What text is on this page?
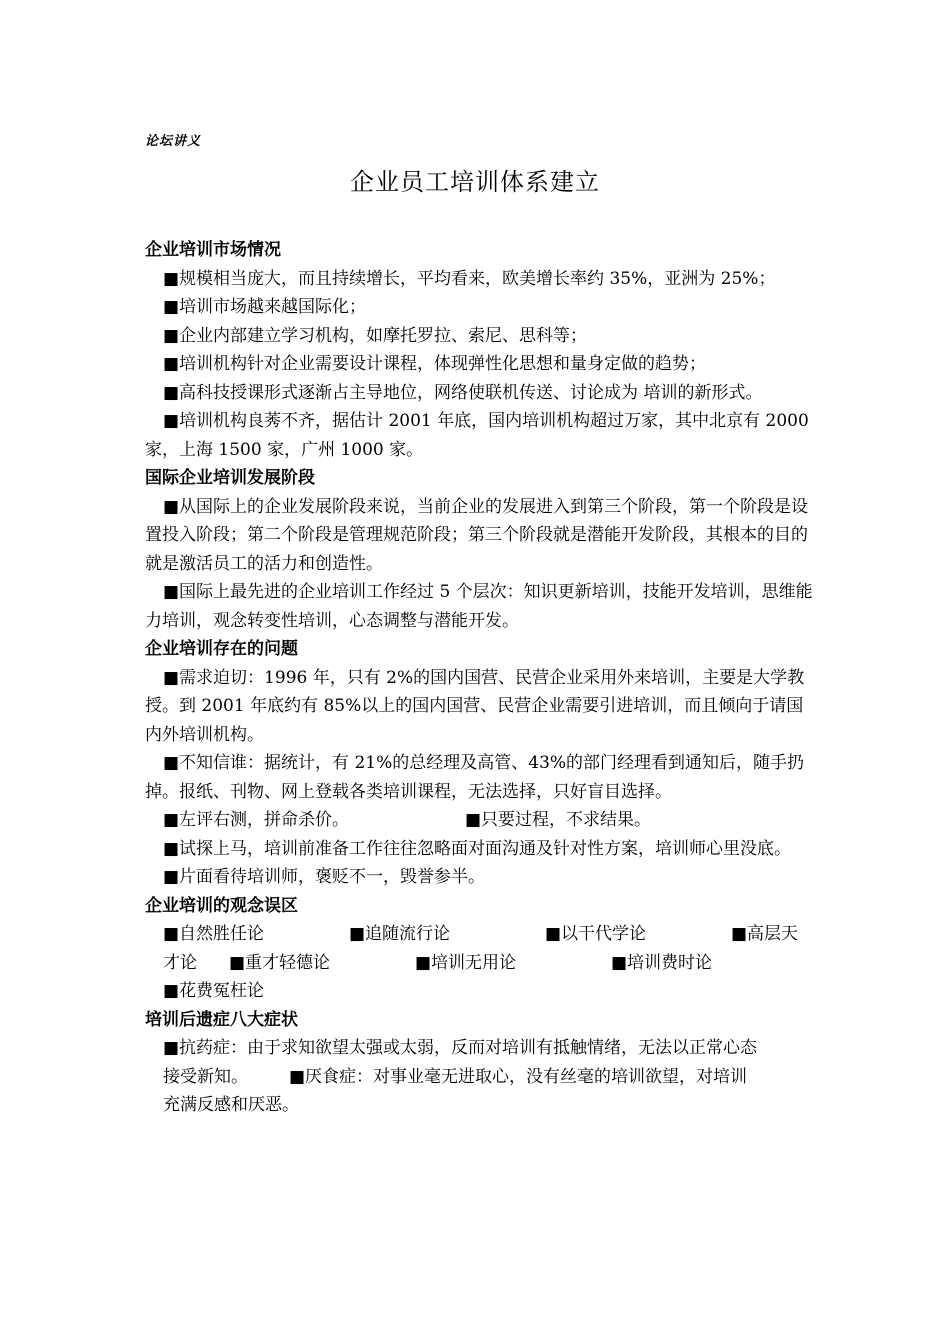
论坛讲义
企业员工培训体系建立
企业培训市场情况

■规模相当庞大，而且持续增长，平均看来，欧美增长率约 35%，亚洲为 25%；

■培训市场越来越国际化；

■企业内部建立学习机构，如摩托罗拉、索尼、思科等；

■培训机构针对企业需要设计课程，体现弹性化思想和量身定做的趋势；

■高科技授课形式逐渐占主导地位，网络使联机传送、讨论成为 培训的新形式。

■培训机构良莠不齐，据估计 2001 年底，国内培训机构超过万家，其中北京有 2000 家，上海 1500 家，广州 1000 家。

国际企业培训发展阶段

■从国际上的企业发展阶段来说，当前企业的发展进入到第三个阶段，第一个阶段是设置投入阶段；第二个阶段是管理规范阶段；第三个阶段就是潜能开发阶段，其根本的目的就是激活员工的活力和创造性。

■国际上最先进的企业培训工作经过 5 个层次：知识更新培训，技能开发培训，思维能力培训，观念转变性培训，心态调整与潜能开发。

企业培训存在的问题

■需求迫切：1996 年，只有 2%的国内国营、民营企业采用外来培训，主要是大学教授。到 2001 年底约有 85%以上的国内国营、民营企业需要引进培训，而且倾向于请国内外培训机构。

■不知信谁：据统计，有 21%的总经理及高管、43%的部门经理看到通知后，随手扔掉。报纸、刊物、网上登载各类培训课程，无法选择，只好盲目选择。

■左评右测，拼命杀价。	■只要过程，不求结果。

■试探上马，培训前准备工作往往忽略面对面沟通及针对性方案，培训师心里没底。

■片面看待培训师，褒贬不一，毁誉参半。

企业培训的观念误区

■自然胜任论	■追随流行论	■以干代学论	■高层天

才论 ■重才轻德论	■培训无用论	■培训费时论

■花费冤枉论

培训后遗症八大症状

■抗药症：由于求知欲望太强或太弱，反而对培训有抵触情绪，无法以正常心态

接受新知。 ■厌食症：对事业毫无进取心，没有丝毫的培训欲望，对培训

充满反感和厌恶。
